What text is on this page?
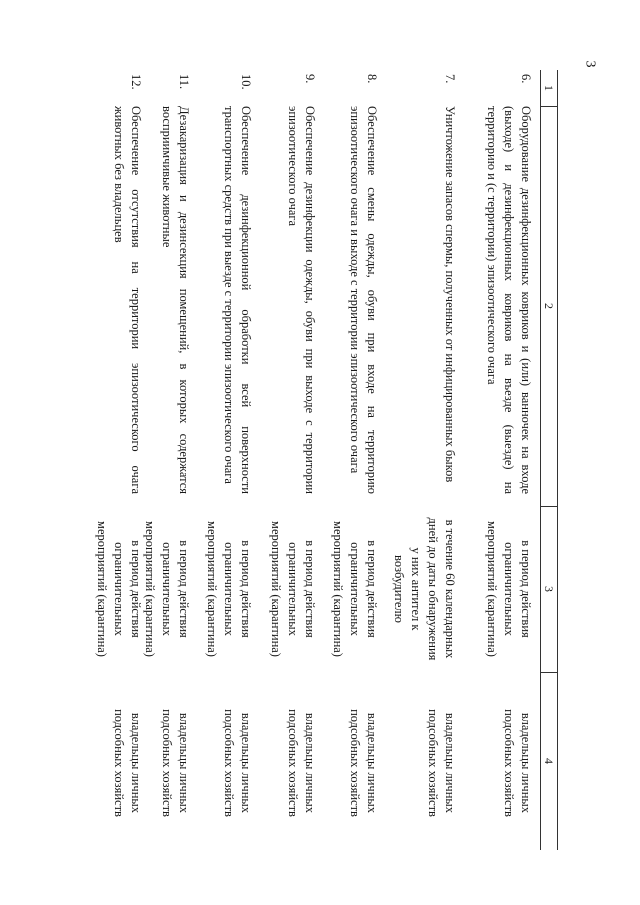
3
1
2
3
4
6.
Оборудование дезинфекционных ковриков и (или) ванночек на входе (выходе) и дезинфекционных ковриков на въезде (выезде) на территорию и (с территории) эпизоотического очага
в период действия ограничительных мероприятий (карантина)
владельцы личных подсобных хозяйств
7.
Уничтожение запасов спермы, полученных от инфицированных быков
в течение 60 календарных дней до даты обнаружения у них антител к возбудителю
владельцы личных подсобных хозяйств
8.
Обеспечение смены одежды, обуви при входе на территорию эпизоотического очага и выходе с территории эпизоотического очага
в период действия ограничительных мероприятий (карантина)
владельцы личных подсобных хозяйств
9.
Обеспечение дезинфекции одежды, обуви при выходе с территории эпизоотического очага
в период действия ограничительных мероприятий (карантина)
владельцы личных подсобных хозяйств
10.
Обеспечение дезинфекционной обработки всей поверхности транспортных средств при выезде с территории эпизоотического очага
в период действия ограничительных мероприятий (карантина)
владельцы личных подсобных хозяйств
11.
Дезакаризация и дезинсекция помещений, в которых содержатся восприимчивые животные
в период действия ограничительных мероприятий (карантина)
владельцы личных подсобных хозяйств
12.
Обеспечение отсутствия на территории эпизоотического очага животных без владельцев
в период действия ограничительных мероприятий (карантина)
владельцы личных подсобных хозяйств
